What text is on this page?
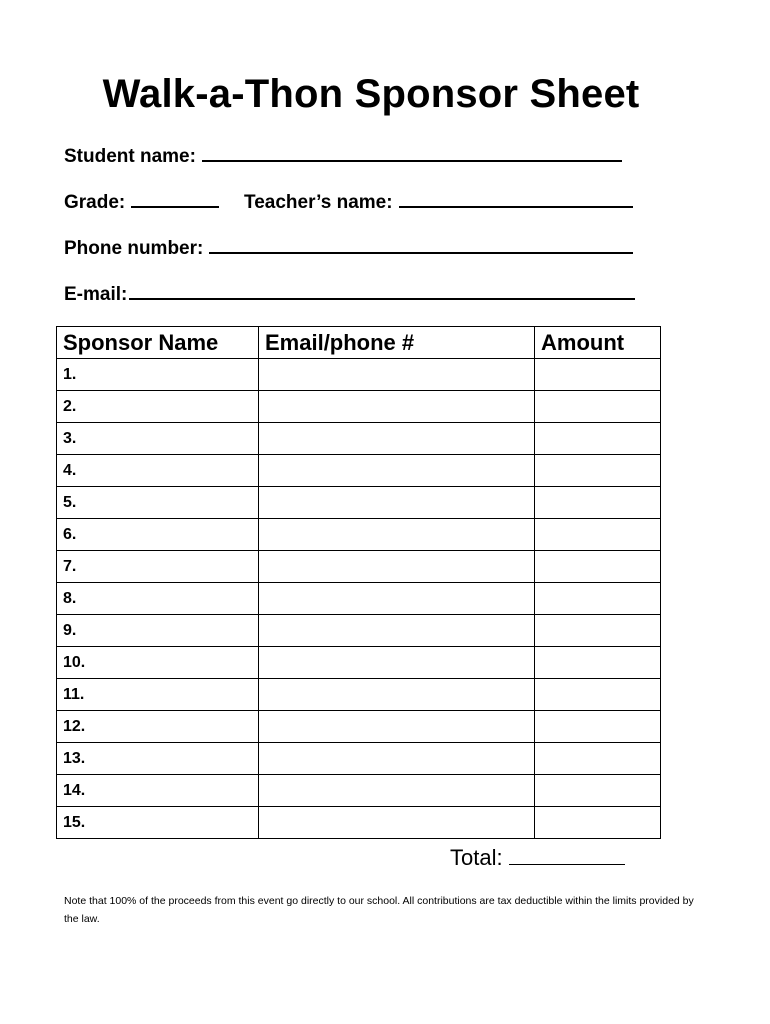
Walk-a-Thon Sponsor Sheet
Student name:
Grade:	Teacher’s name:
Phone number:
E-mail:
Sponsor Name	Email/phone #	Amount
1.		
2.		
3.		
4.		
5.		
6.		
7.		
8.		
9.		
10.		
11.		
12.		
13.		
14.		
15.		
Total:
Note that 100% of the proceeds from this event go directly to our school. All contributions are tax deductible within the limits provided by the law.
